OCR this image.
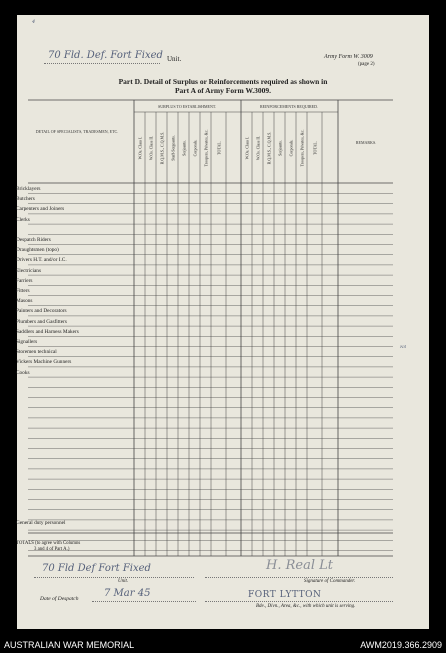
4
70 Fld. Def. Fort Fixed Unit.	Army Form W. 3009
(page 2)
Part D. Detail of Surplus or Reinforcements required as shown in
Part A of Army Form W.3009.
DETAIL OF SPECIALISTS, TRADESMEN, ETC.
SURPLUS TO ESTABLISHMENT.	REINFORCEMENTS REQUIRED.
REMARKS.
W.Os. Class I. W.Os. Class II. R.Q.M.S., C.Q.M.S. Staff-Sergeants. Serjeants. Corporals. Troopers, Privates, &c. TOTAL.	W.Os. Class I. W.Os. Class II. R.Q.M.S., C.Q.M.S. Serjeants. Corporals. Troopers, Privates, &c. TOTAL.
Bricklayers
Butchers
Carpenters and Joiners
Clerks
Despatch Riders
Draughtsmen (topo)
Drivers H.T. and/or I.C.
Electricians
Farriers
Fitters
Masons
Painters and Decorators
Plumbers and Gasfitters
Saddlers and Harness Makers
Signallers
Storemen technical
Vickers Machine Gunners
Cooks
General duty personnel
TOTALS (to agree with Columns
3 and 4 of Part A.)
Nil
70 Fld Def Fort Fixed
Unit.
H. Real Lt
Signature of Commander.
Date of Despatch	7 Mar 45	FORT LYTTON
Bde., Divn., Area, &c., with which unit is serving.
AUSTRALIAN WAR MEMORIAL	AWM2019.366.2909
